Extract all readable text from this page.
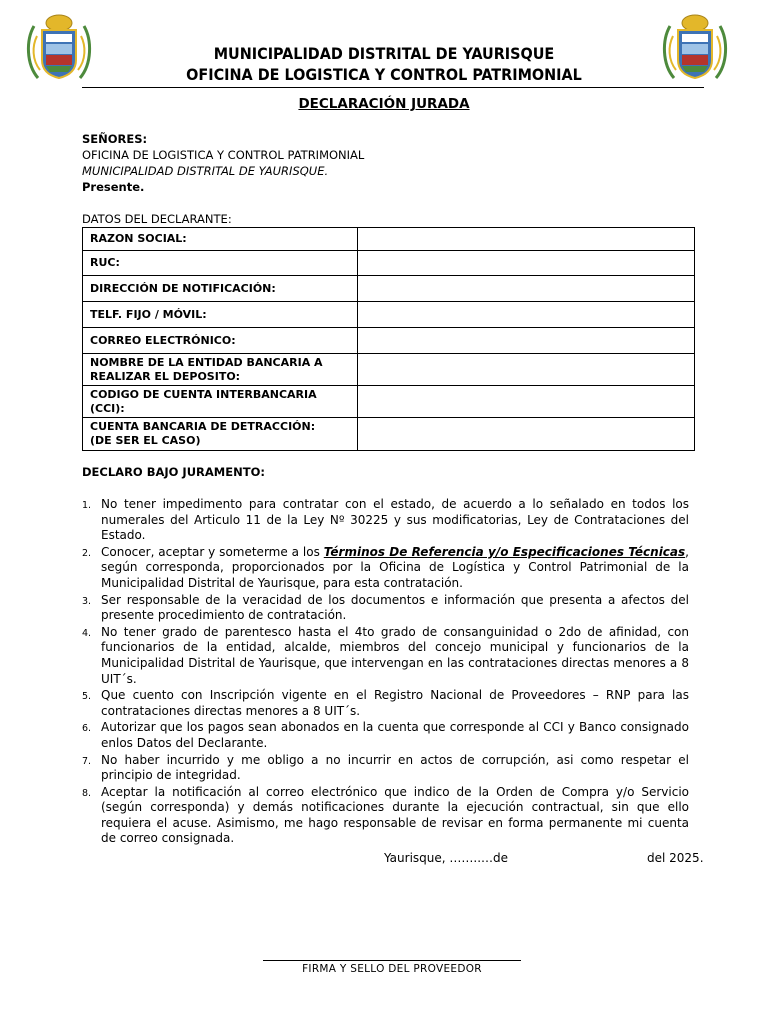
MUNICIPALIDAD DISTRITAL DE YAURISQUE
OFICINA DE LOGISTICA Y CONTROL PATRIMONIAL
DECLARACIÓN JURADA
SEÑORES:
OFICINA DE LOGISTICA Y CONTROL PATRIMONIAL
MUNICIPALIDAD DISTRITAL DE YAURISQUE.
Presente.
DATOS DEL DECLARANTE:
RAZON SOCIAL:	
RUC:	
DIRECCIÓN DE NOTIFICACIÓN:	
TELF. FIJO / MÓVIL:	
CORREO ELECTRÓNICO:	
NOMBRE DE LA ENTIDAD BANCARIA A
REALIZAR EL DEPOSITO:	
CODIGO DE CUENTA INTERBANCARIA
(CCI):	
CUENTA BANCARIA DE DETRACCIÓN:
(DE SER EL CASO)	
DECLARO BAJO JURAMENTO:
1. No tener impedimento para contratar con el estado, de acuerdo a lo señalado en todos los numerales del Articulo 11 de la Ley Nº 30225 y sus modificatorias, Ley de Contrataciones del Estado.
2. Conocer, aceptar y someterme a los Términos De Referencia y/o Especificaciones Técnicas, según corresponda, proporcionados por la Oficina de Logística y Control Patrimonial de la Municipalidad Distrital de Yaurisque, para esta contratación.
3. Ser responsable de la veracidad de los documentos e información que presenta a afectos del presente procedimiento de contratación.
4. No tener grado de parentesco hasta el 4to grado de consanguinidad o 2do de afinidad, con funcionarios de la entidad, alcalde, miembros del concejo municipal y funcionarios de la Municipalidad Distrital de Yaurisque, que intervengan en las contrataciones directas menores a 8 UIT´s.
5. Que cuento con Inscripción vigente en el Registro Nacional de Proveedores – RNP para las contrataciones directas menores a 8 UIT´s.
6. Autorizar que los pagos sean abonados en la cuenta que corresponde al CCI y Banco consignado enlos Datos del Declarante.
7. No haber incurrido y me obligo a no incurrir en actos de corrupción, asi como respetar el principio de integridad.
8. Aceptar la notificación al correo electrónico que indico de la Orden de Compra y/o Servicio (según corresponda) y demás notificaciones durante la ejecución contractual, sin que ello requiera el acuse. Asimismo, me hago responsable de revisar en forma permanente mi cuenta de correo consignada.
Yaurisque, ……..…de	del 2025.
FIRMA Y SELLO DEL PROVEEDOR
